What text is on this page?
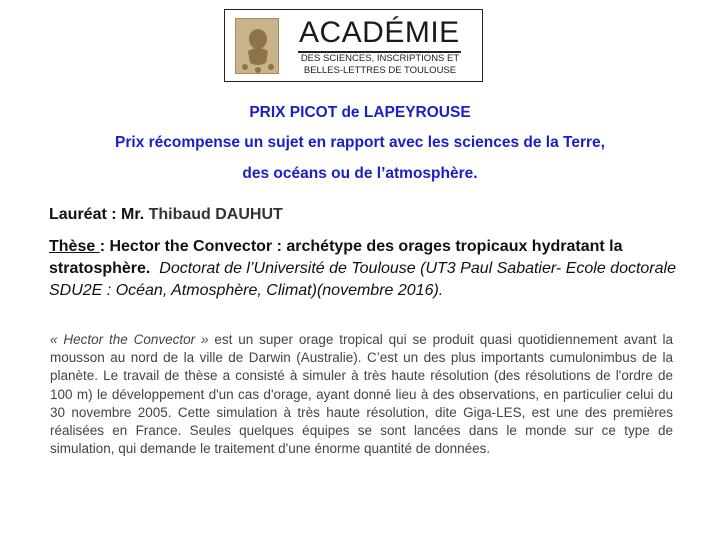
ACADÉMIE
DES SCIENCES, INSCRIPTIONS ET
BELLES-LETTRES DE TOULOUSE
PRIX PICOT de LAPEYROUSE
Prix récompense un sujet en rapport avec les sciences de la Terre,
des océans ou de l’atmosphère.
Lauréat : Mr. Thibaud DAUHUT
Thèse : Hector the Convector : archétype des orages tropicaux hydratant la stratosphère. Doctorat de l’Université de Toulouse (UT3 Paul Sabatier- Ecole doctorale SDU2E : Océan, Atmosphère, Climat)(novembre 2016).
« Hector the Convector » est un super orage tropical qui se produit quasi quotidiennement avant la mousson au nord de la ville de Darwin (Australie). C’est un des plus importants cumulonimbus de la planète. Le travail de thèse a consisté à simuler à très haute résolution (des résolutions de l'ordre de 100 m) le développement d'un cas d'orage, ayant donné lieu à des observations, en particulier celui du 30 novembre 2005. Cette simulation à très haute résolution, dite Giga-LES, est une des premières réalisées en France. Seules quelques équipes se sont lancées dans le monde sur ce type de simulation, qui demande le traitement d'une énorme quantité de données.
